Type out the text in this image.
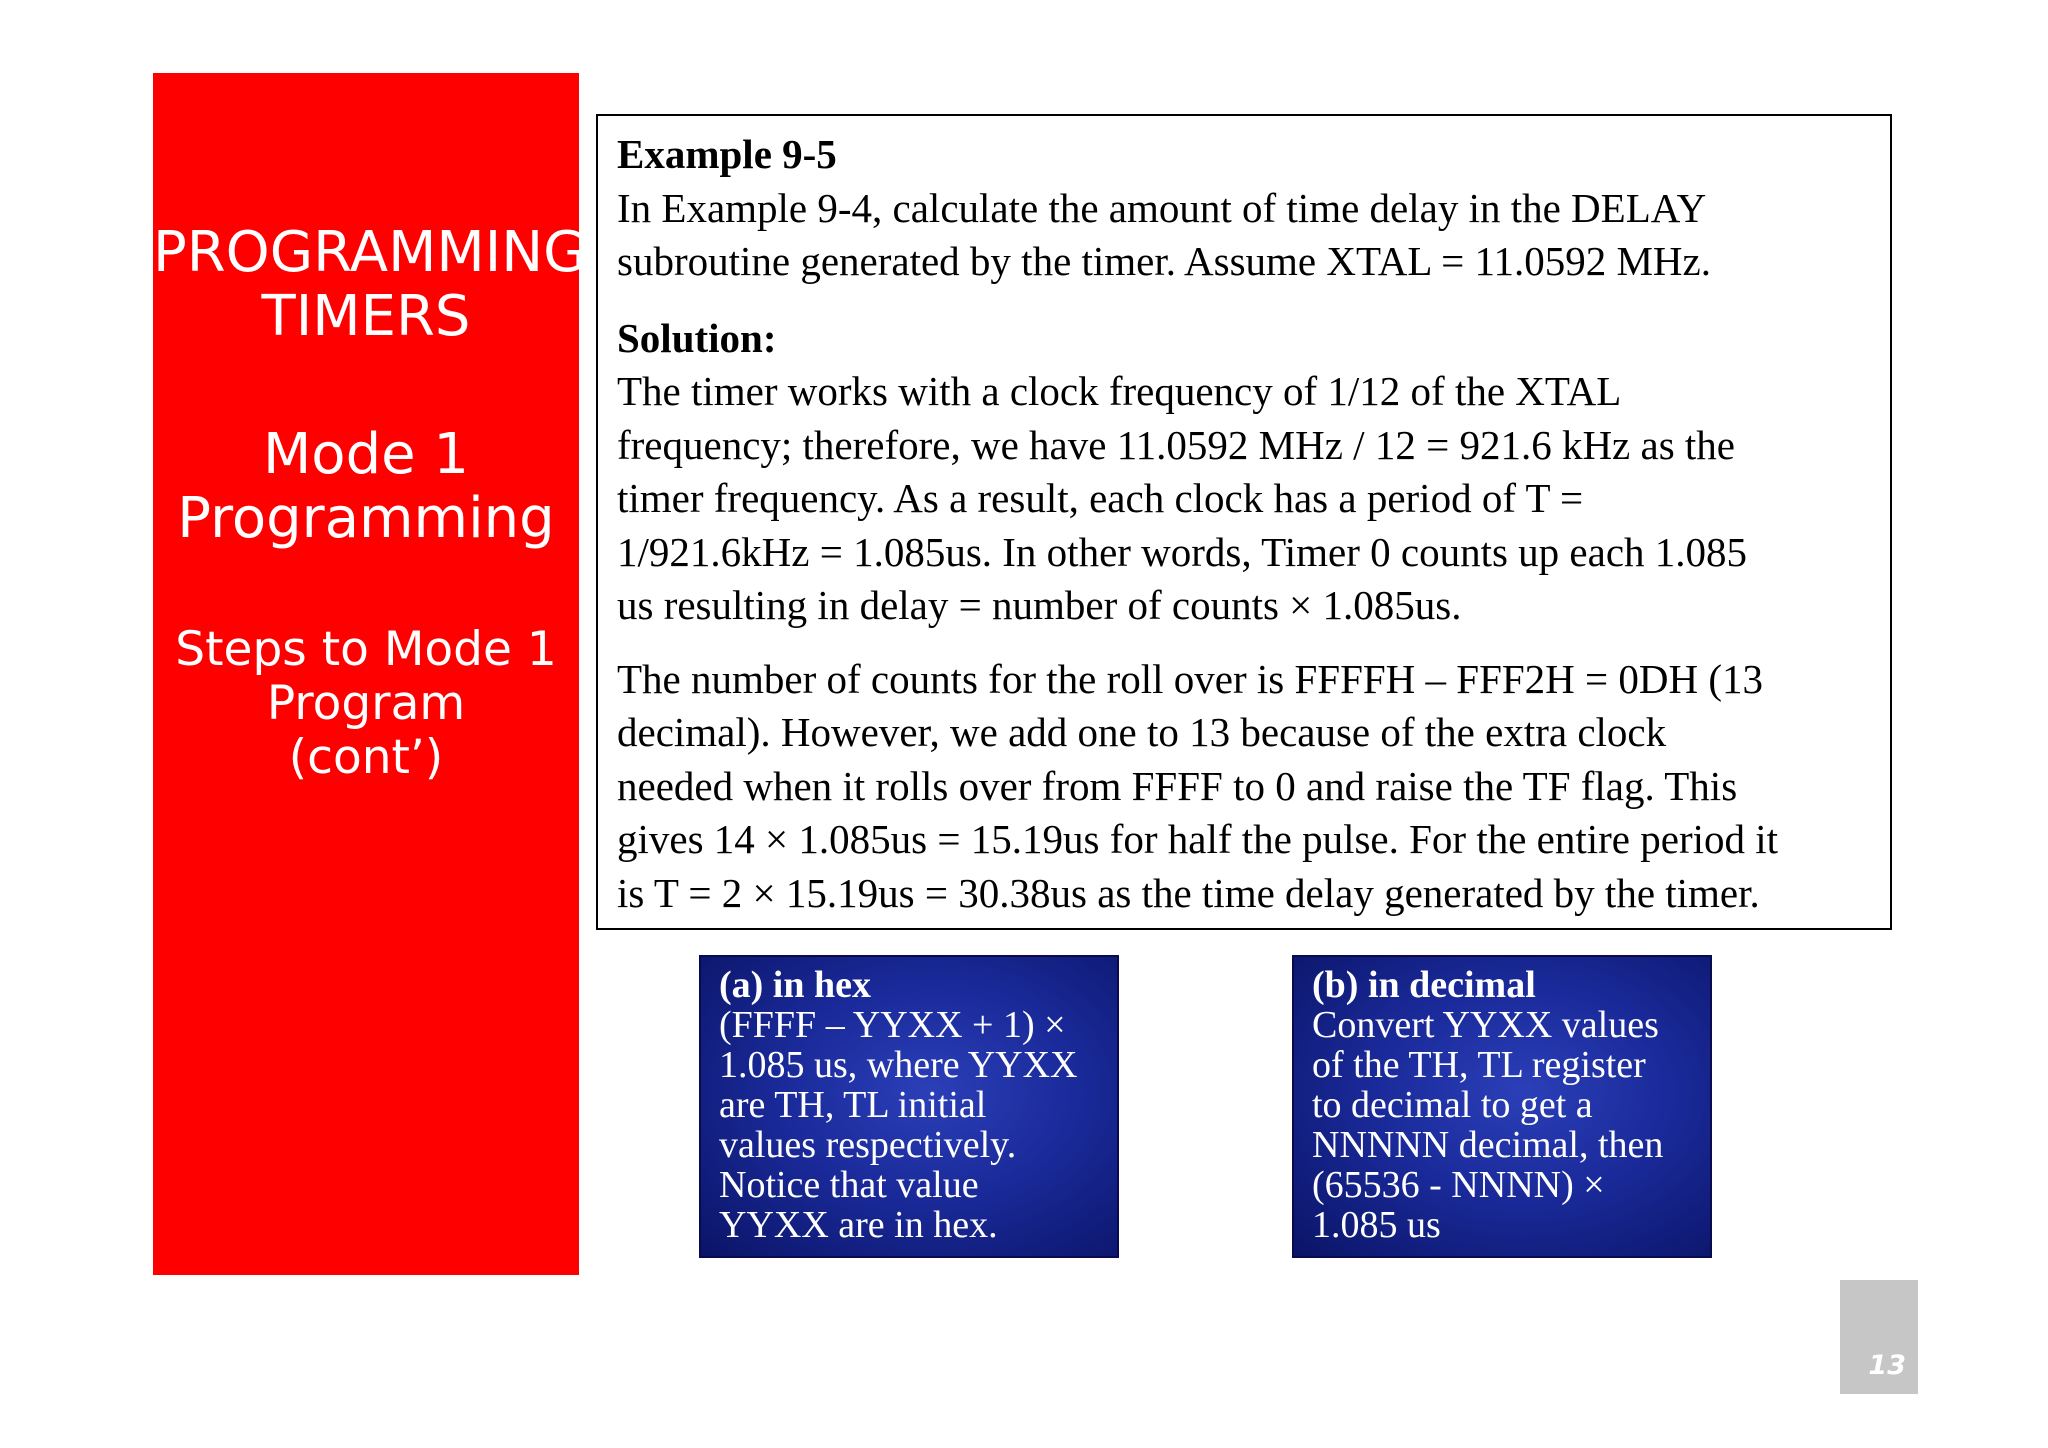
PROGRAMMING
TIMERS
Mode 1
Programming
Steps to Mode 1
Program
(cont’)

Example 9-5

In Example 9-4, calculate the amount of time delay in the DELAY
subroutine generated by the timer. Assume XTAL = 11.0592 MHz.

Solution:

The timer works with a clock frequency of 1/12 of the XTAL
frequency; therefore, we have 11.0592 MHz / 12 = 921.6 kHz as the
timer frequency. As a result, each clock has a period of T =
1/921.6kHz = 1.085us. In other words, Timer 0 counts up each 1.085
us resulting in delay = number of counts × 1.085us.
The number of counts for the roll over is FFFFH – FFF2H = 0DH (13
decimal). However, we add one to 13 because of the extra clock
needed when it rolls over from FFFF to 0 and raise the TF flag. This
gives 14 × 1.085us = 15.19us for half the pulse. For the entire period it
is T = 2 × 15.19us = 30.38us as the time delay generated by the timer.
(a) in hex
(FFFF – YYXX + 1) ×
1.085 us, where YYXX
are TH, TL initial
values respectively.
Notice that value
YYXX are in hex.
(b) in decimal
Convert YYXX values
of the TH, TL register
to decimal to get a
NNNNN decimal, then
(65536 - NNNN) ×
1.085 us
13
